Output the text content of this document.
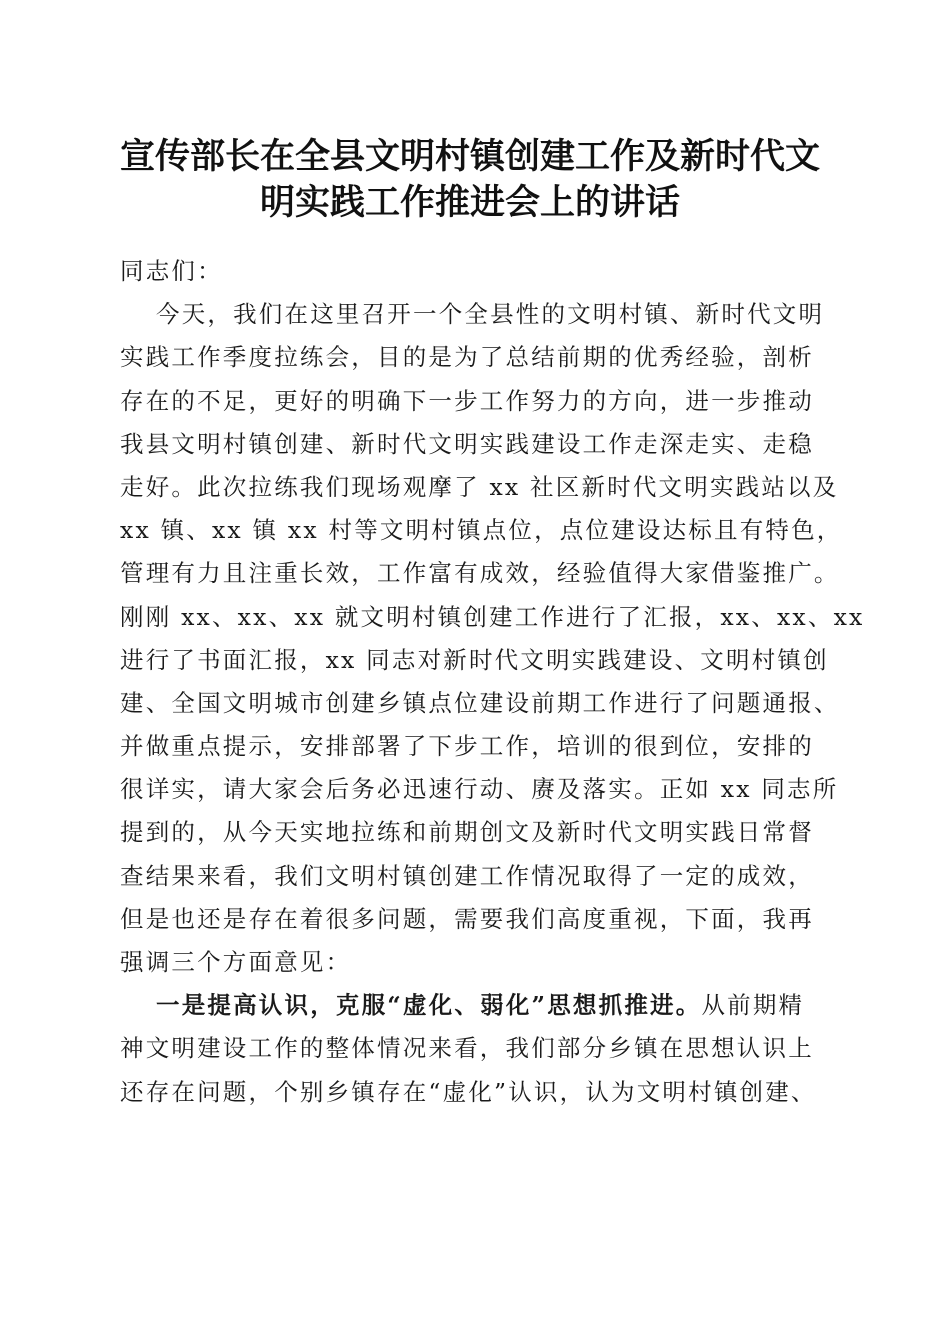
宣传部长在全县文明村镇创建工作及新时代文
明实践工作推进会上的讲话
同志们：
今天，我们在这里召开一个全县性的文明村镇、新时代文明
实践工作季度拉练会，目的是为了总结前期的优秀经验，剖析
存在的不足，更好的明确下一步工作努力的方向，进一步推动
我县文明村镇创建、新时代文明实践建设工作走深走实、走稳
走好。此次拉练我们现场观摩了 xx 社区新时代文明实践站以及
xx 镇、xx 镇 xx 村等文明村镇点位，点位建设达标且有特色，
管理有力且注重长效，工作富有成效，经验值得大家借鉴推广。
刚刚 xx、xx、xx 就文明村镇创建工作进行了汇报，xx、xx、xx
进行了书面汇报，xx 同志对新时代文明实践建设、文明村镇创
建、全国文明城市创建乡镇点位建设前期工作进行了问题通报、
并做重点提示，安排部署了下步工作，培训的很到位，安排的
很详实，请大家会后务必迅速行动、赓及落实。正如 xx 同志所
提到的，从今天实地拉练和前期创文及新时代文明实践日常督
查结果来看，我们文明村镇创建工作情况取得了一定的成效，
但是也还是存在着很多问题，需要我们高度重视，下面，我再
强调三个方面意见：
一是提高认识，克服“虚化、弱化”思想抓推进。从前期精
神文明建设工作的整体情况来看，我们部分乡镇在思想认识上
还存在问题，个别乡镇存在“虚化”认识，认为文明村镇创建、
